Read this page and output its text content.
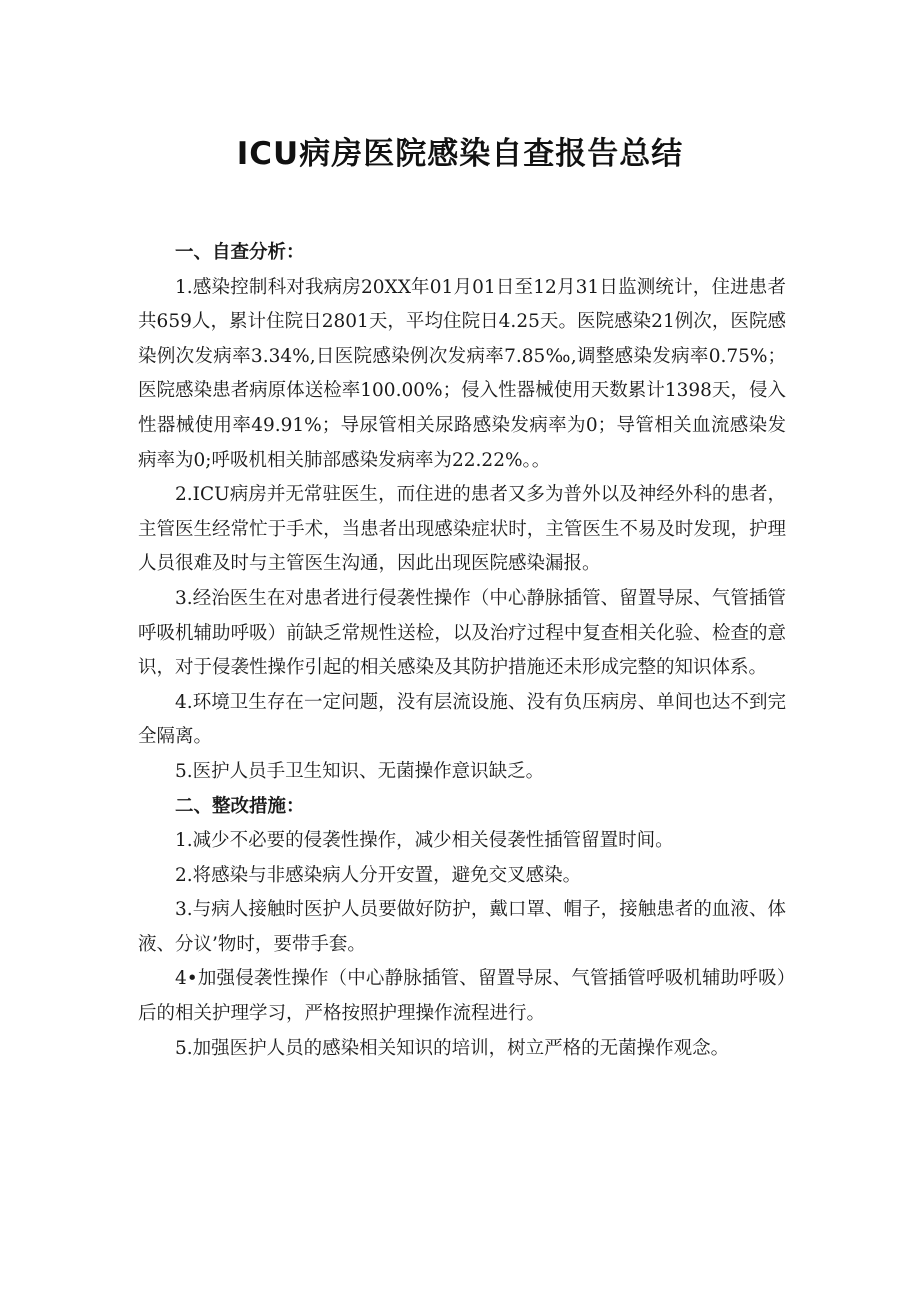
ICU病房医院感染自查报告总结

一、自查分析：

1.感染控制科对我病房20XX年01月01日至12月31日监测统计，住进患者共659人，累计住院日2801天，平均住院日4.25天。医院感染21例次，医院感染例次发病率3.34%,日医院感染例次发病率7.85‰,调整感染发病率0.75%；医院感染患者病原体送检率100.00%；侵入性器械使用天数累计1398天，侵入性器械使用率49.91%；导尿管相关尿路感染发病率为0；导管相关血流感染发病率为0;呼吸机相关肺部感染发病率为22.22%。。

2.ICU病房并无常驻医生，而住进的患者又多为普外以及神经外科的患者，主管医生经常忙于手术，当患者出现感染症状时，主管医生不易及时发现，护理人员很难及时与主管医生沟通，因此出现医院感染漏报。

3.经治医生在对患者进行侵袭性操作（中心静脉插管、留置导尿、气管插管呼吸机辅助呼吸）前缺乏常规性送检，以及治疗过程中复查相关化验、检查的意识，对于侵袭性操作引起的相关感染及其防护措施还未形成完整的知识体系。

4.环境卫生存在一定问题，没有层流设施、没有负压病房、单间也达不到完全隔离。

5.医护人员手卫生知识、无菌操作意识缺乏。

二、整改措施：

1.减少不必要的侵袭性操作，减少相关侵袭性插管留置时间。

2.将感染与非感染病人分开安置，避免交叉感染。

3.与病人接触时医护人员要做好防护，戴口罩、帽子，接触患者的血液、体液、分议’物时，要带手套。

4•加强侵袭性操作（中心静脉插管、留置导尿、气管插管呼吸机辅助呼吸）后的相关护理学习，严格按照护理操作流程进行。

5.加强医护人员的感染相关知识的培训，树立严格的无菌操作观念。
